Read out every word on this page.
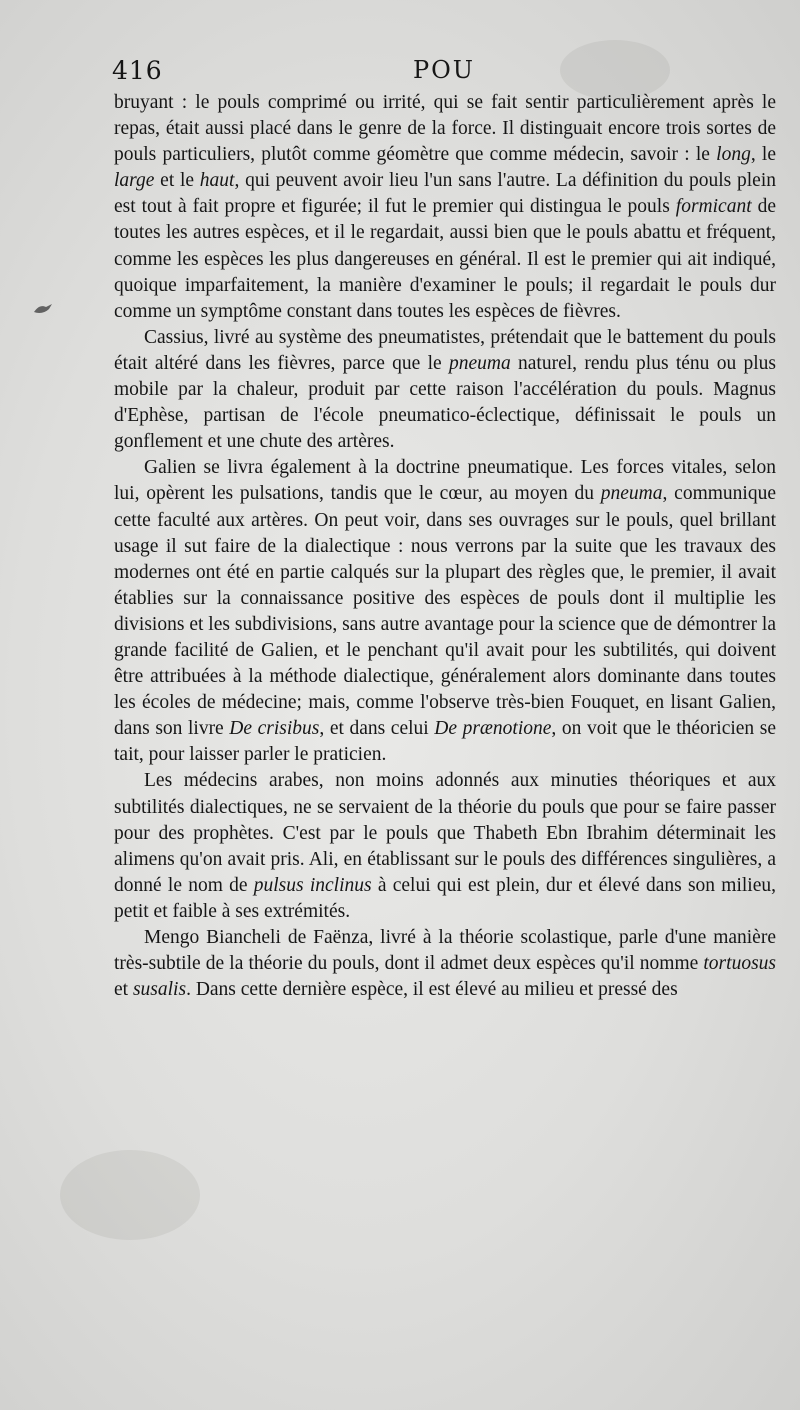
416	POU

bruyant : le pouls comprimé ou irrité, qui se fait sentir particulièrement après le repas, était aussi placé dans le genre de la force. Il distinguait encore trois sortes de pouls particuliers, plutôt comme géomètre que comme médecin, savoir : le long, le large et le haut, qui peuvent avoir lieu l'un sans l'autre. La définition du pouls plein est tout à fait propre et figurée; il fut le premier qui distingua le pouls formicant de toutes les autres espèces, et il le regardait, aussi bien que le pouls abattu et fréquent, comme les espèces les plus dangereuses en général. Il est le premier qui ait indiqué, quoique imparfaitement, la manière d'examiner le pouls; il regardait le pouls dur comme un symptôme constant dans toutes les espèces de fièvres.

Cassius, livré au système des pneumatistes, prétendait que le battement du pouls était altéré dans les fièvres, parce que le pneuma naturel, rendu plus ténu ou plus mobile par la chaleur, produit par cette raison l'accélération du pouls. Magnus d'Ephèse, partisan de l'école pneumatico-éclectique, définissait le pouls un gonflement et une chute des artères.

Galien se livra également à la doctrine pneumatique. Les forces vitales, selon lui, opèrent les pulsations, tandis que le cœur, au moyen du pneuma, communique cette faculté aux artères. On peut voir, dans ses ouvrages sur le pouls, quel brillant usage il sut faire de la dialectique : nous verrons par la suite que les travaux des modernes ont été en partie calqués sur la plupart des règles que, le premier, il avait établies sur la connaissance positive des espèces de pouls dont il multiplie les divisions et les subdivisions, sans autre avantage pour la science que de démontrer la grande facilité de Galien, et le penchant qu'il avait pour les subtilités, qui doivent être attribuées à la méthode dialectique, généralement alors dominante dans toutes les écoles de médecine; mais, comme l'observe très-bien Fouquet, en lisant Galien, dans son livre De crisibus, et dans celui De prænotione, on voit que le théoricien se tait, pour laisser parler le praticien.

Les médecins arabes, non moins adonnés aux minuties théoriques et aux subtilités dialectiques, ne se servaient de la théorie du pouls que pour se faire passer pour des prophètes. C'est par le pouls que Thabeth Ebn Ibrahim déterminait les alimens qu'on avait pris. Ali, en établissant sur le pouls des différences singulières, a donné le nom de pulsus inclinus à celui qui est plein, dur et élevé dans son milieu, petit et faible à ses extrémités.

Mengo Biancheli de Faënza, livré à la théorie scolastique, parle d'une manière très-subtile de la théorie du pouls, dont il admet deux espèces qu'il nomme tortuosus et susalis. Dans cette dernière espèce, il est élevé au milieu et pressé des
